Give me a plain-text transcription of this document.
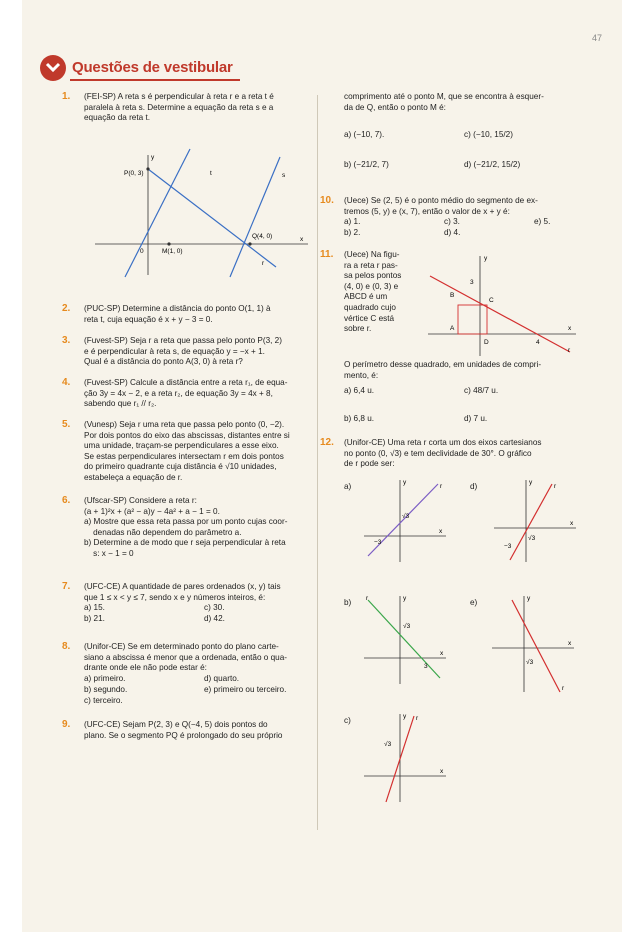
47
Questões de vestibular
1. (FEI-SP) A reta s é perpendicular à reta r e a reta t é
paralela à reta s. Determine a equação da reta s e a
equação da reta t.
y
P(0, 3)	t	s
Q(4, 0)	x
0	M(1, 0)
r
2. (PUC-SP) Determine a distância do ponto O(1, 1) à
reta t, cuja equação é x + y − 3 = 0.
3. (Fuvest-SP) Seja r a reta que passa pelo ponto P(3, 2)
e é perpendicular à reta s, de equação y = −x + 1.
Qual é a distância do ponto A(3, 0) à reta r?
4. (Fuvest-SP) Calcule a distância entre a reta r₁, de equa-
ção 3y = 4x − 2, e a reta r₂, de equação 3y = 4x + 8,
sabendo que r₁ // r₂.
5. (Vunesp) Seja r uma reta que passa pelo ponto (0, −2).
Por dois pontos do eixo das abscissas, distantes entre si
uma unidade, traçam-se perpendiculares a esse eixo.
Se estas perpendiculares intersectam r em dois pontos
do primeiro quadrante cuja distância é √10 unidades,
estabeleça a equação de r.
6. (Ufscar-SP) Considere a reta r:
(a + 1)²x + (a² − a)y − 4a² + a − 1 = 0.
a) Mostre que essa reta passa por um ponto cujas coor-
denadas não dependem do parâmetro a.
b) Determine a de modo que r seja perpendicular à reta
s: x − 1 = 0
7. (UFC-CE) A quantidade de pares ordenados (x, y) tais
que 1 ≤ x < y ≤ 7, sendo x e y números inteiros, é:
a) 15.
b) 21.
c) 30.
d) 42.
8. (Unifor-CE) Se em determinado ponto do plano carte-
siano a abscissa é menor que a ordenada, então o qua-
drante onde ele não pode estar é:
a) primeiro.
b) segundo.
c) terceiro.
d) quarto.
e) primeiro ou terceiro.
9. (UFC-CE) Sejam P(2, 3) e Q(−4, 5) dois pontos do
plano. Se o segmento PQ é prolongado do seu próprio
comprimento até o ponto M, que se encontra à esquer-
da de Q, então o ponto M é:
a) (−10, 7).
b) (−21/2, 7)
c) (−10, 15/2)
d) (−21/2, 15/2)
10. (Uece) Se (2, 5) é o ponto médio do segmento de ex-
tremos (5, y) e (x, 7), então o valor de x + y é:
a) 1.
b) 2.
c) 3.
d) 4.
e) 5.
11. (Uece) Na figu-
ra a reta r pas-
sa pelos pontos
(4, 0) e (0, 3) e
ABCD é um
quadrado cujo
vértice C está
sobre r.
y
B
C
A
D	4
x
r
3
O perímetro desse quadrado, em unidades de compri-
mento, é:
a) 6,4 u.
b) 6,8 u.
c) 48/7 u.
d) 7 u.
12. (Unifor-CE) Uma reta r corta um dos eixos cartesianos
no ponto (0, √3) e tem declividade de 30°. O gráfico
de r pode ser:
a)	y
x
r
√3
−3
d)	y
x
r
√3
−3
b)	y
x
r
√3
3
e)	y
x
r
√3
c)	y
x
r
√3
